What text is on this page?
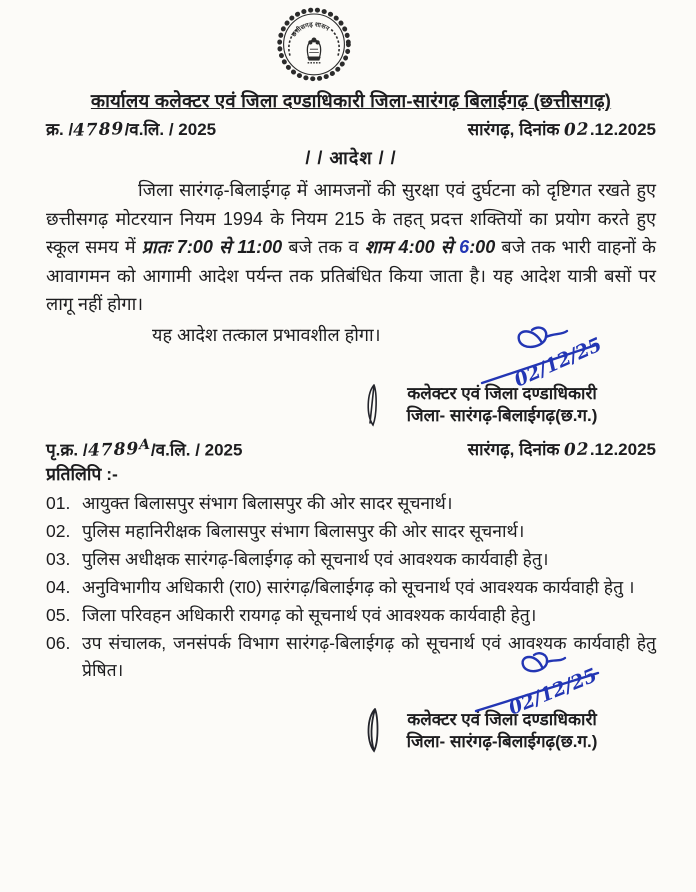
छत्तीसगढ़ शासन
कार्यालय कलेक्टर एवं जिला दण्डाधिकारी जिला-सारंगढ़ बिलाईगढ़ (छत्तीसगढ़)
क्र. /4789/व.लि. / 2025	सारंगढ़, दिनांक 02.12.2025
/ / आदेश / /

जिला सारंगढ़-बिलाईगढ़ में आमजनों की सुरक्षा एवं दुर्घटना को दृष्टिगत रखते हुए छत्तीसगढ़ मोटरयान नियम 1994 के नियम 215 के तहत् प्रदत्त शक्तियों का प्रयोग करते हुए स्कूल समय में प्रातः 7:00 से 11:00 बजे तक व शाम 4:00 से 6:00 बजे तक भारी वाहनों के आवागमन को आगामी आदेश पर्यन्त तक प्रतिबंधित किया जाता है। यह आदेश यात्री बसों पर लागू नहीं होगा।

यह आदेश तत्काल प्रभावशील होगा।	02/12/25
कलेक्टर एवं जिला दण्डाधिकारी
जिला- सारंगढ़-बिलाईगढ़(छ.ग.)
पृ.क्र. $/4789^A/व.लि$. / 2025	सारंगढ़, दिनांक 02.12.2025
प्रतिलिपि :-
01. आयुक्त बिलासपुर संभाग बिलासपुर की ओर सादर सूचनार्थ।
02. पुलिस महानिरीक्षक बिलासपुर संभाग बिलासपुर की ओर सादर सूचनार्थ।
03. पुलिस अधीक्षक सारंगढ़-बिलाईगढ़ को सूचनार्थ एवं आवश्यक कार्यवाही हेतु।
04. अनुविभागीय अधिकारी (रा0) सारंगढ़/बिलाईगढ़ को सूचनार्थ एवं आवश्यक कार्यवाही हेतु ।
05. जिला परिवहन अधिकारी रायगढ़ को सूचनार्थ एवं आवश्यक कार्यवाही हेतु।
06. उप संचालक, जनसंपर्क विभाग सारंगढ़-बिलाईगढ़ को सूचनार्थ एवं आवश्यक कार्यवाही हेतु प्रेषित।	02/12/25
कलेक्टर एवं जिला दण्डाधिकारी
जिला- सारंगढ़-बिलाईगढ़(छ.ग.)
